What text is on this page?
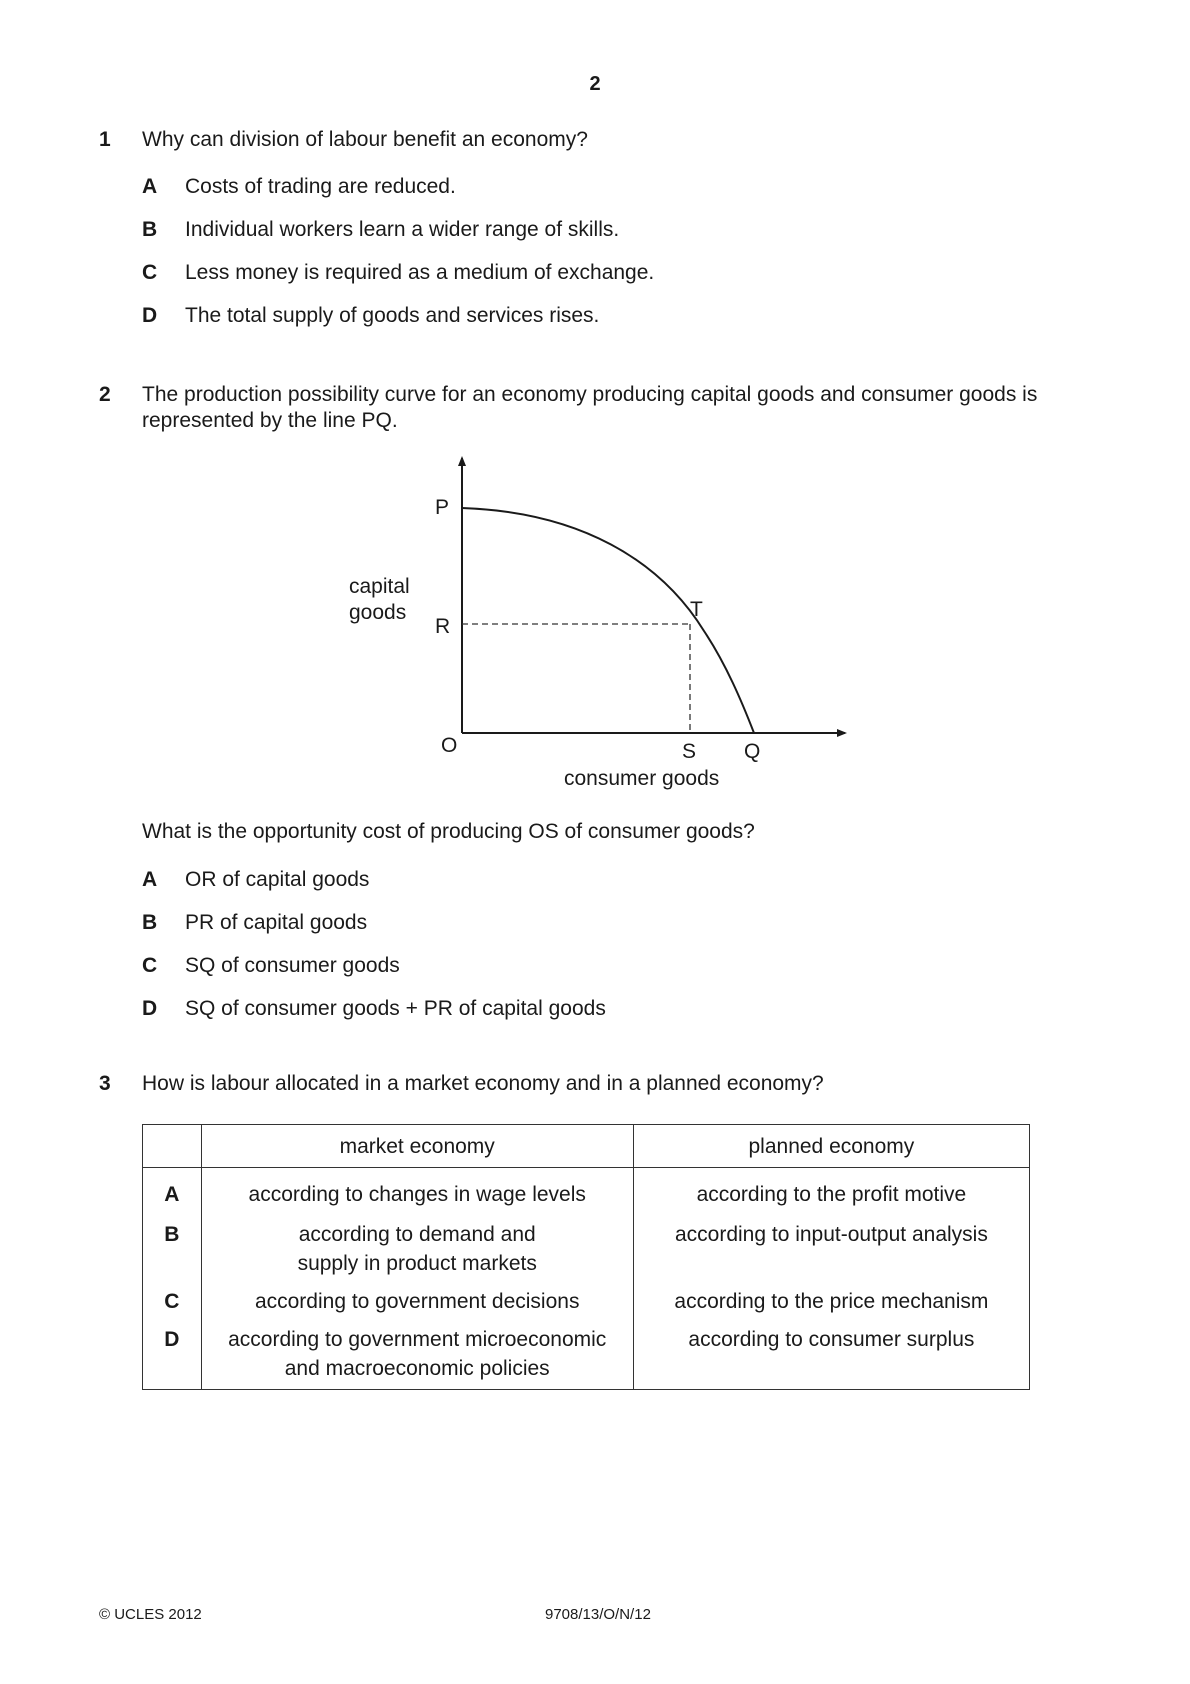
2
1 Why can division of labour benefit an economy?
A Costs of trading are reduced.
B Individual workers learn a wider range of skills.
C Less money is required as a medium of exchange.
D The total supply of goods and services rises.
2 The production possibility curve for an economy producing capital goods and consumer goods is
represented by the line PQ.
P
R
T
O	S Q
capital
goods
consumer goods
What is the opportunity cost of producing OS of consumer goods?
A OR of capital goods
B PR of capital goods
C SQ of consumer goods
D SQ of consumer goods + PR of capital goods
3 How is labour allocated in a market economy and in a planned economy?
	market economy	planned economy
A	according to changes in wage levels	according to the profit motive
B	according to demand and
supply in product markets	according to input-output analysis
C	according to government decisions	according to the price mechanism
D	according to government microeconomic
and macroeconomic policies	according to consumer surplus
© UCLES 2012	9708/13/O/N/12
